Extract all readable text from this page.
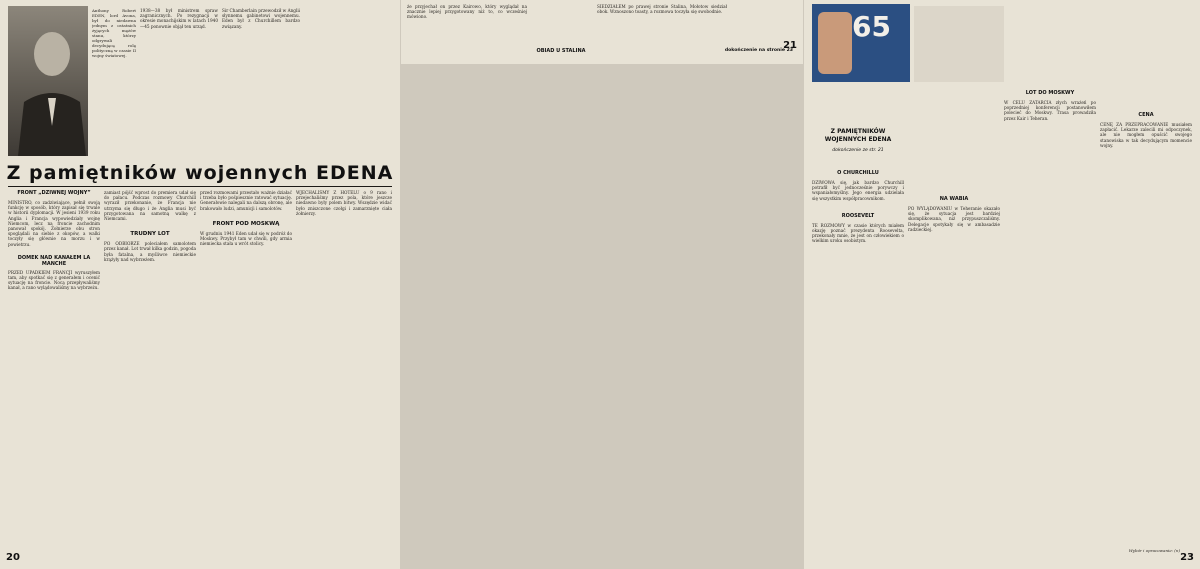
Anthony Robert EDEN, lord Avona, był do niedawna jednym z ostatnich żyjących mężów stanu, którzy odgrywali decydującą rolę polityczną w czasie II wojny światowej.
1938—38 był ministrem spraw zagranicznych. Po rezygnacji w okresie monachijskim w latach 1940—45 ponownie objął ten urząd.
Sir Chamberlain przewodził w Anglii słynnemu gabinetowi wojennemu. Eden był z Churchillem bardzo związany.
Z pamiętników wojennych EDENA
FRONT „DZIWNEJ WOJNY”
MINISTRO, co zadziwiające, pełnił swoją funkcję w sposób, który zapisał się trwale w historii dyplomacji. W jesieni 1939 roku Anglia i Francja wypowiedziały wojnę Niemcom, lecz na froncie zachodnim panował spokój. Żołnierze obu stron spoglądali na siebie z okopów, a walki toczyły się głównie na morzu i w powietrzu.
DOMEK NAD KANAŁEM LA MANCHE
PRZED UPADKIEM FRANCJI wyruszyłem tam, aby spotkać się z generałem i ocenić sytuację na froncie. Nocą przepływaliśmy kanał, a rano wylądowaliśmy na wybrzeżu.
zamiast pójść wprost do premiera udał się do pałacu. Podczas rozmowy Churchill wyraził przekonanie, że Francja nie utrzyma się długo i że Anglia musi być przygotowana na samotną walkę z Niemcami.
TRUDNY LOT
PO ODBIORZE poleciałem samolotem przez kanał. Lot trwał kilka godzin, pogoda była fatalna, a myśliwce niemieckie krążyły nad wybrzeżem.
przed rozmowami przestało ważnie działać i trzeba było pośpiesznie ratować sytuację. Generałowie nalegali na dalszą obronę, ale brakowało ludzi, amunicji i samolotów.
FRONT POD MOSKWĄ
W grudniu 1941 Eden udał się w podróż do Moskwy. Przybył tam w chwili, gdy armia niemiecka stała u wrót stolicy.
WJECHALIŚMY Z HOTELU o 9 rano i przejechaliśmy przez pola, które jeszcze niedawno były polem bitwy. Wszędzie widać było zniszczone czołgi i zamarznięte ciała żołnierzy.
20
że przyjechał on przez Kairowo, który wyglądał na znacznie lepiej przygotowany niż to, co wcześniej mówiono.
OBIAD U STALINA
SIEDZIAŁEM po prawej stronie Stalina, Mołotow siedział obok. Wznoszono toasty, a rozmowa toczyła się swobodnie.
dokończenie na stronie 23
21
65
Z PAMIĘTNIKÓW WOJENNYCH EDENA
dokończenie ze str. 21
O CHURCHILLU
DZIWOWA się, jak bardzo Churchill potrafił być jednocześnie porywczy i wspaniałomyślny. Jego energia udzielała się wszystkim współpracownikom.
ROOSEVELT
TE ROZMOWY w czasie których miałem okazję poznać prezydenta Roosevelta, przekonały mnie, że jest on człowiekiem o wielkim uroku osobistym.
NA WABIA
PO WYLĄDOWANIU w Teheranie okazało się, że sytuacja jest bardziej skomplikowana, niż przypuszczaliśmy. Delegacje spotykały się w ambasadzie radzieckiej.
LOT DO MOSKWY
W CELU ZATARCIA złych wrażeń po poprzedniej konferencji postanowiłem polecieć do Moskwy. Trasa prowadziła przez Kair i Teheran.
CENA
CENĘ ZA PRZEPRACOWANIE musiałem zapłacić. Lekarze zalecili mi odpoczynek, ale nie mogłem opuścić swojego stanowiska w tak decydującym momencie wojny.
Wybór i opracowanie: (n)
23
